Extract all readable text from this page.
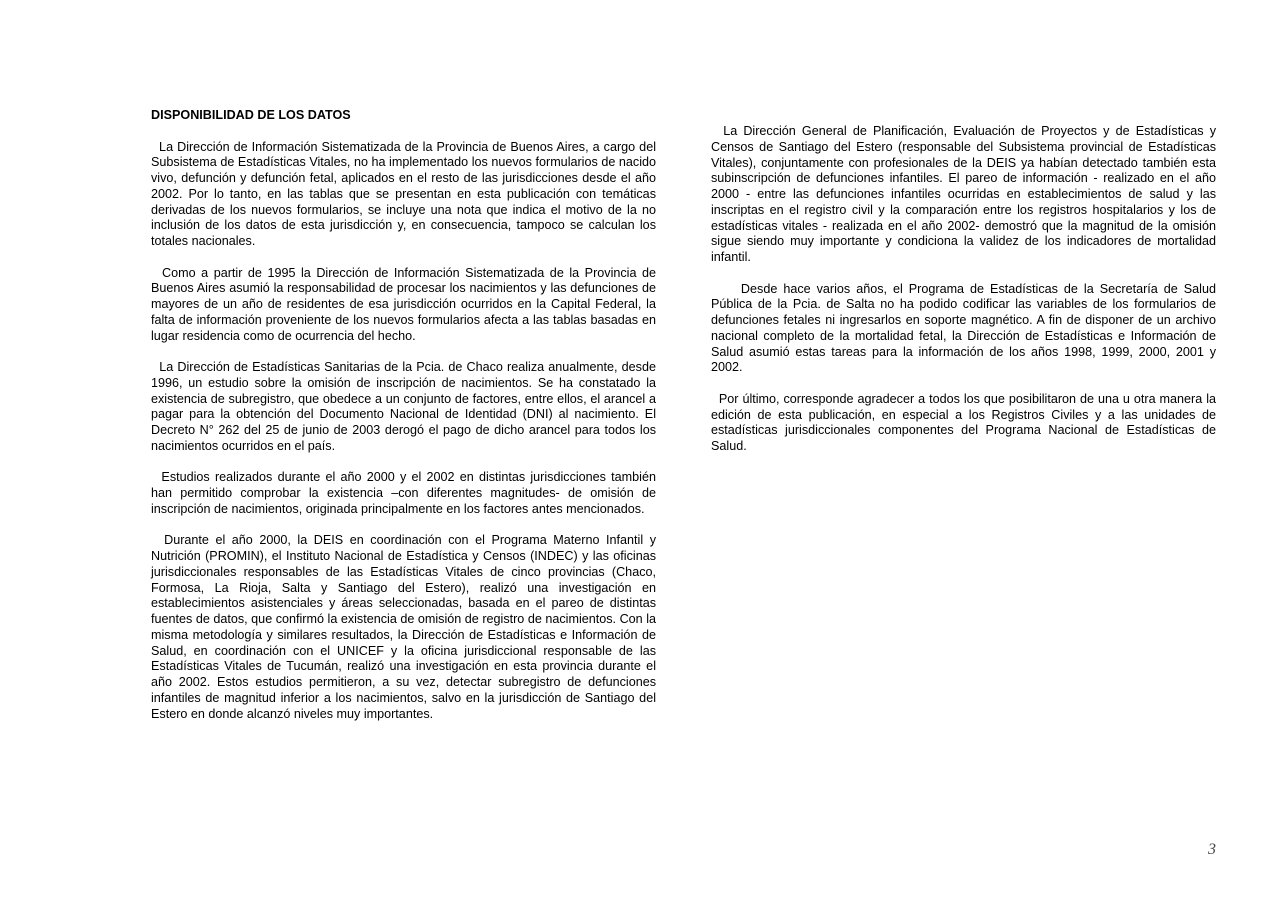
DISPONIBILIDAD DE LOS DATOS

La Dirección de Información Sistematizada de la Provincia de Buenos Aires, a cargo del Subsistema de Estadísticas Vitales, no ha implementado los nuevos formularios de nacido vivo, defunción y defunción fetal, aplicados en el resto de las jurisdicciones desde el año 2002. Por lo tanto, en las tablas que se presentan en esta publicación con temáticas derivadas de los nuevos formularios, se incluye una nota que indica el motivo de la no inclusión de los datos de esta jurisdicción y, en consecuencia, tampoco se calculan los totales nacionales.

Como a partir de 1995 la Dirección de Información Sistematizada de la Provincia de Buenos Aires asumió la responsabilidad de procesar los nacimientos y las defunciones de mayores de un año de residentes de esa jurisdicción ocurridos en la Capital Federal, la falta de información proveniente de los nuevos formularios afecta a las tablas basadas en lugar residencia como de ocurrencia del hecho.

La Dirección de Estadísticas Sanitarias de la Pcia. de Chaco realiza anualmente, desde 1996, un estudio sobre la omisión de inscripción de nacimientos. Se ha constatado la existencia de subregistro, que obedece a un conjunto de factores, entre ellos, el arancel a pagar para la obtención del Documento Nacional de Identidad (DNI) al nacimiento. El Decreto N° 262 del 25 de junio de 2003 derogó el pago de dicho arancel para todos los nacimientos ocurridos en el país.

Estudios realizados durante el año 2000 y el 2002 en distintas jurisdicciones también han permitido comprobar la existencia –con diferentes magnitudes- de omisión de inscripción de nacimientos, originada principalmente en los factores antes mencionados.

Durante el año 2000, la DEIS en coordinación con el Programa Materno Infantil y Nutrición (PROMIN), el Instituto Nacional de Estadística y Censos (INDEC) y las oficinas jurisdiccionales responsables de las Estadísticas Vitales de cinco provincias (Chaco, Formosa, La Rioja, Salta y Santiago del Estero), realizó una investigación en establecimientos asistenciales y áreas seleccionadas, basada en el pareo de distintas fuentes de datos, que confirmó la existencia de omisión de registro de nacimientos. Con la misma metodología y similares resultados, la Dirección de Estadísticas e Información de Salud, en coordinación con el UNICEF y la oficina jurisdiccional responsable de las Estadísticas Vitales de Tucumán, realizó una investigación en esta provincia durante el año 2002. Estos estudios permitieron, a su vez, detectar subregistro de defunciones infantiles de magnitud inferior a los nacimientos, salvo en la jurisdicción de Santiago del Estero en donde alcanzó niveles muy importantes.

La Dirección General de Planificación, Evaluación de Proyectos y de Estadísticas y Censos de Santiago del Estero (responsable del Subsistema provincial de Estadísticas Vitales), conjuntamente con profesionales de la DEIS ya habían detectado también esta subinscripción de defunciones infantiles. El pareo de información - realizado en el año 2000 - entre las defunciones infantiles ocurridas en establecimientos de salud y las inscriptas en el registro civil y la comparación entre los registros hospitalarios y los de estadísticas vitales - realizada en el año 2002- demostró que la magnitud de la omisión sigue siendo muy importante y condiciona la validez de los indicadores de mortalidad infantil.

Desde hace varios años, el Programa de Estadísticas de la Secretaría de Salud Pública de la Pcia. de Salta no ha podido codificar las variables de los formularios de defunciones fetales ni ingresarlos en soporte magnético. A fin de disponer de un archivo nacional completo de la mortalidad fetal, la Dirección de Estadísticas e Información de Salud asumió estas tareas para la información de los años 1998, 1999, 2000, 2001 y 2002.

Por último, corresponde agradecer a todos los que posibilitaron de una u otra manera la edición de esta publicación, en especial a los Registros Civiles y a las unidades de estadísticas jurisdiccionales componentes del Programa Nacional de Estadísticas de Salud.

3
